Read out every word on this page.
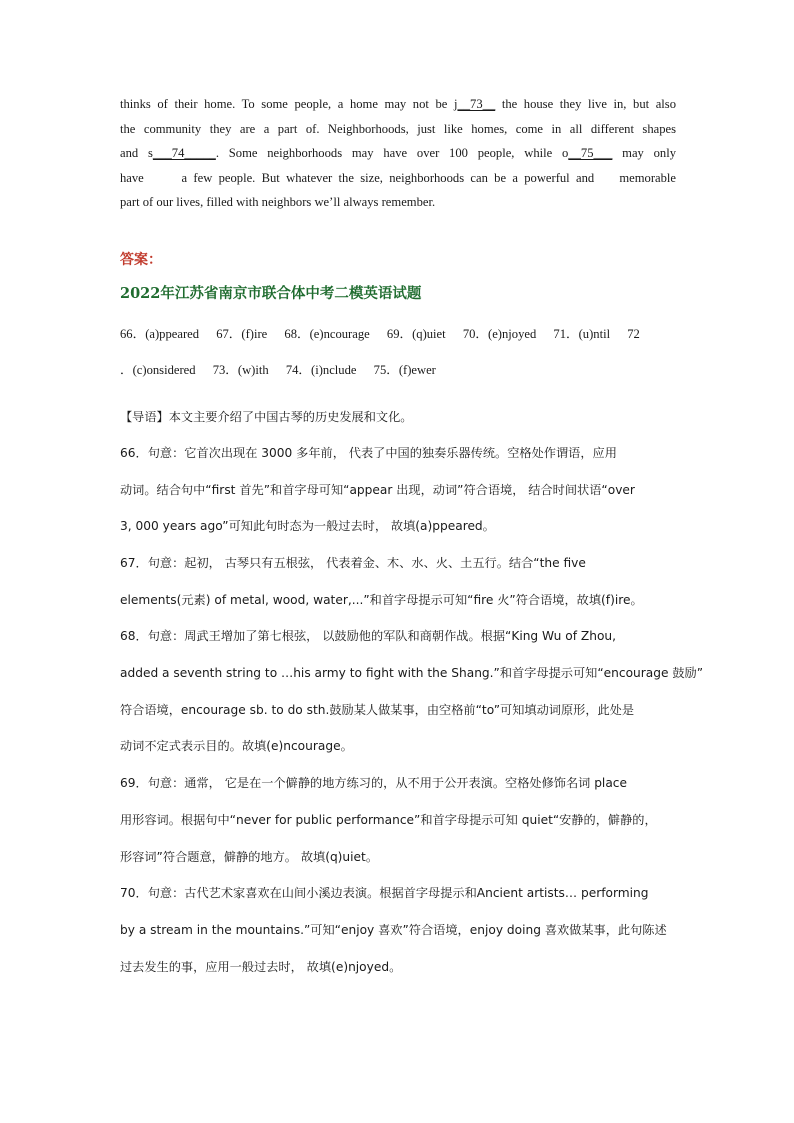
thinks of their home. To some people, a home may not be j__73__ the house they live in, but also

the community they are a part of. Neighborhoods, just like homes, come in all different shapes

and s___74_____. Some neighborhoods may have over 100 people, while o__75___ may only

have      a few people. But whatever the size, neighborhoods can be a powerful and    memorable

part of our lives, filled with neighbors we’ll always remember.

答案：
2022年江苏省南京市联合体中考二模英语试题
66．(a)ppeared 67．(f)ire 68．(e)ncourage 69．(q)uiet 70．(e)njoyed 71．(u)ntil 72
．(c)onsidered 73．(w)ith 74．(i)nclude 75．(f)ewer
【导语】本文主要介绍了中国古琴的历史发展和文化。
66．句意：它首次出现在 3000 多年前， 代表了中国的独奏乐器传统。空格处作谓语，应用
动词。结合句中“first 首先”和首字母可知“appear 出现，动词”符合语境， 结合时间状语“over
3, 000 years ago”可知此句时态为一般过去时， 故填(a)ppeared。
67．句意：起初， 古琴只有五根弦， 代表着金、木、水、火、土五行。结合“the five
elements(元素) of metal, wood, water,...”和首字母提示可知“fire 火”符合语境，故填(f)ire。
68．句意：周武王增加了第七根弦， 以鼓励他的军队和商朝作战。根据“King Wu of Zhou,
added a seventh string to …his army to fight with the Shang.”和首字母提示可知“encourage 鼓励”
符合语境，encourage sb. to do sth.鼓励某人做某事，由空格前“to”可知填动词原形，此处是
动词不定式表示目的。故填(e)ncourage。
69．句意：通常， 它是在一个僻静的地方练习的，从不用于公开表演。空格处修饰名词 place
用形容词。根据句中“never for public performance”和首字母提示可知 quiet“安静的，僻静的，
形容词”符合题意，僻静的地方。 故填(q)uiet。
70．句意：古代艺术家喜欢在山间小溪边表演。根据首字母提示和Ancient artists… performing
by a stream in the mountains.”可知“enjoy 喜欢”符合语境，enjoy doing 喜欢做某事，此句陈述
过去发生的事，应用一般过去时， 故填(e)njoyed。
